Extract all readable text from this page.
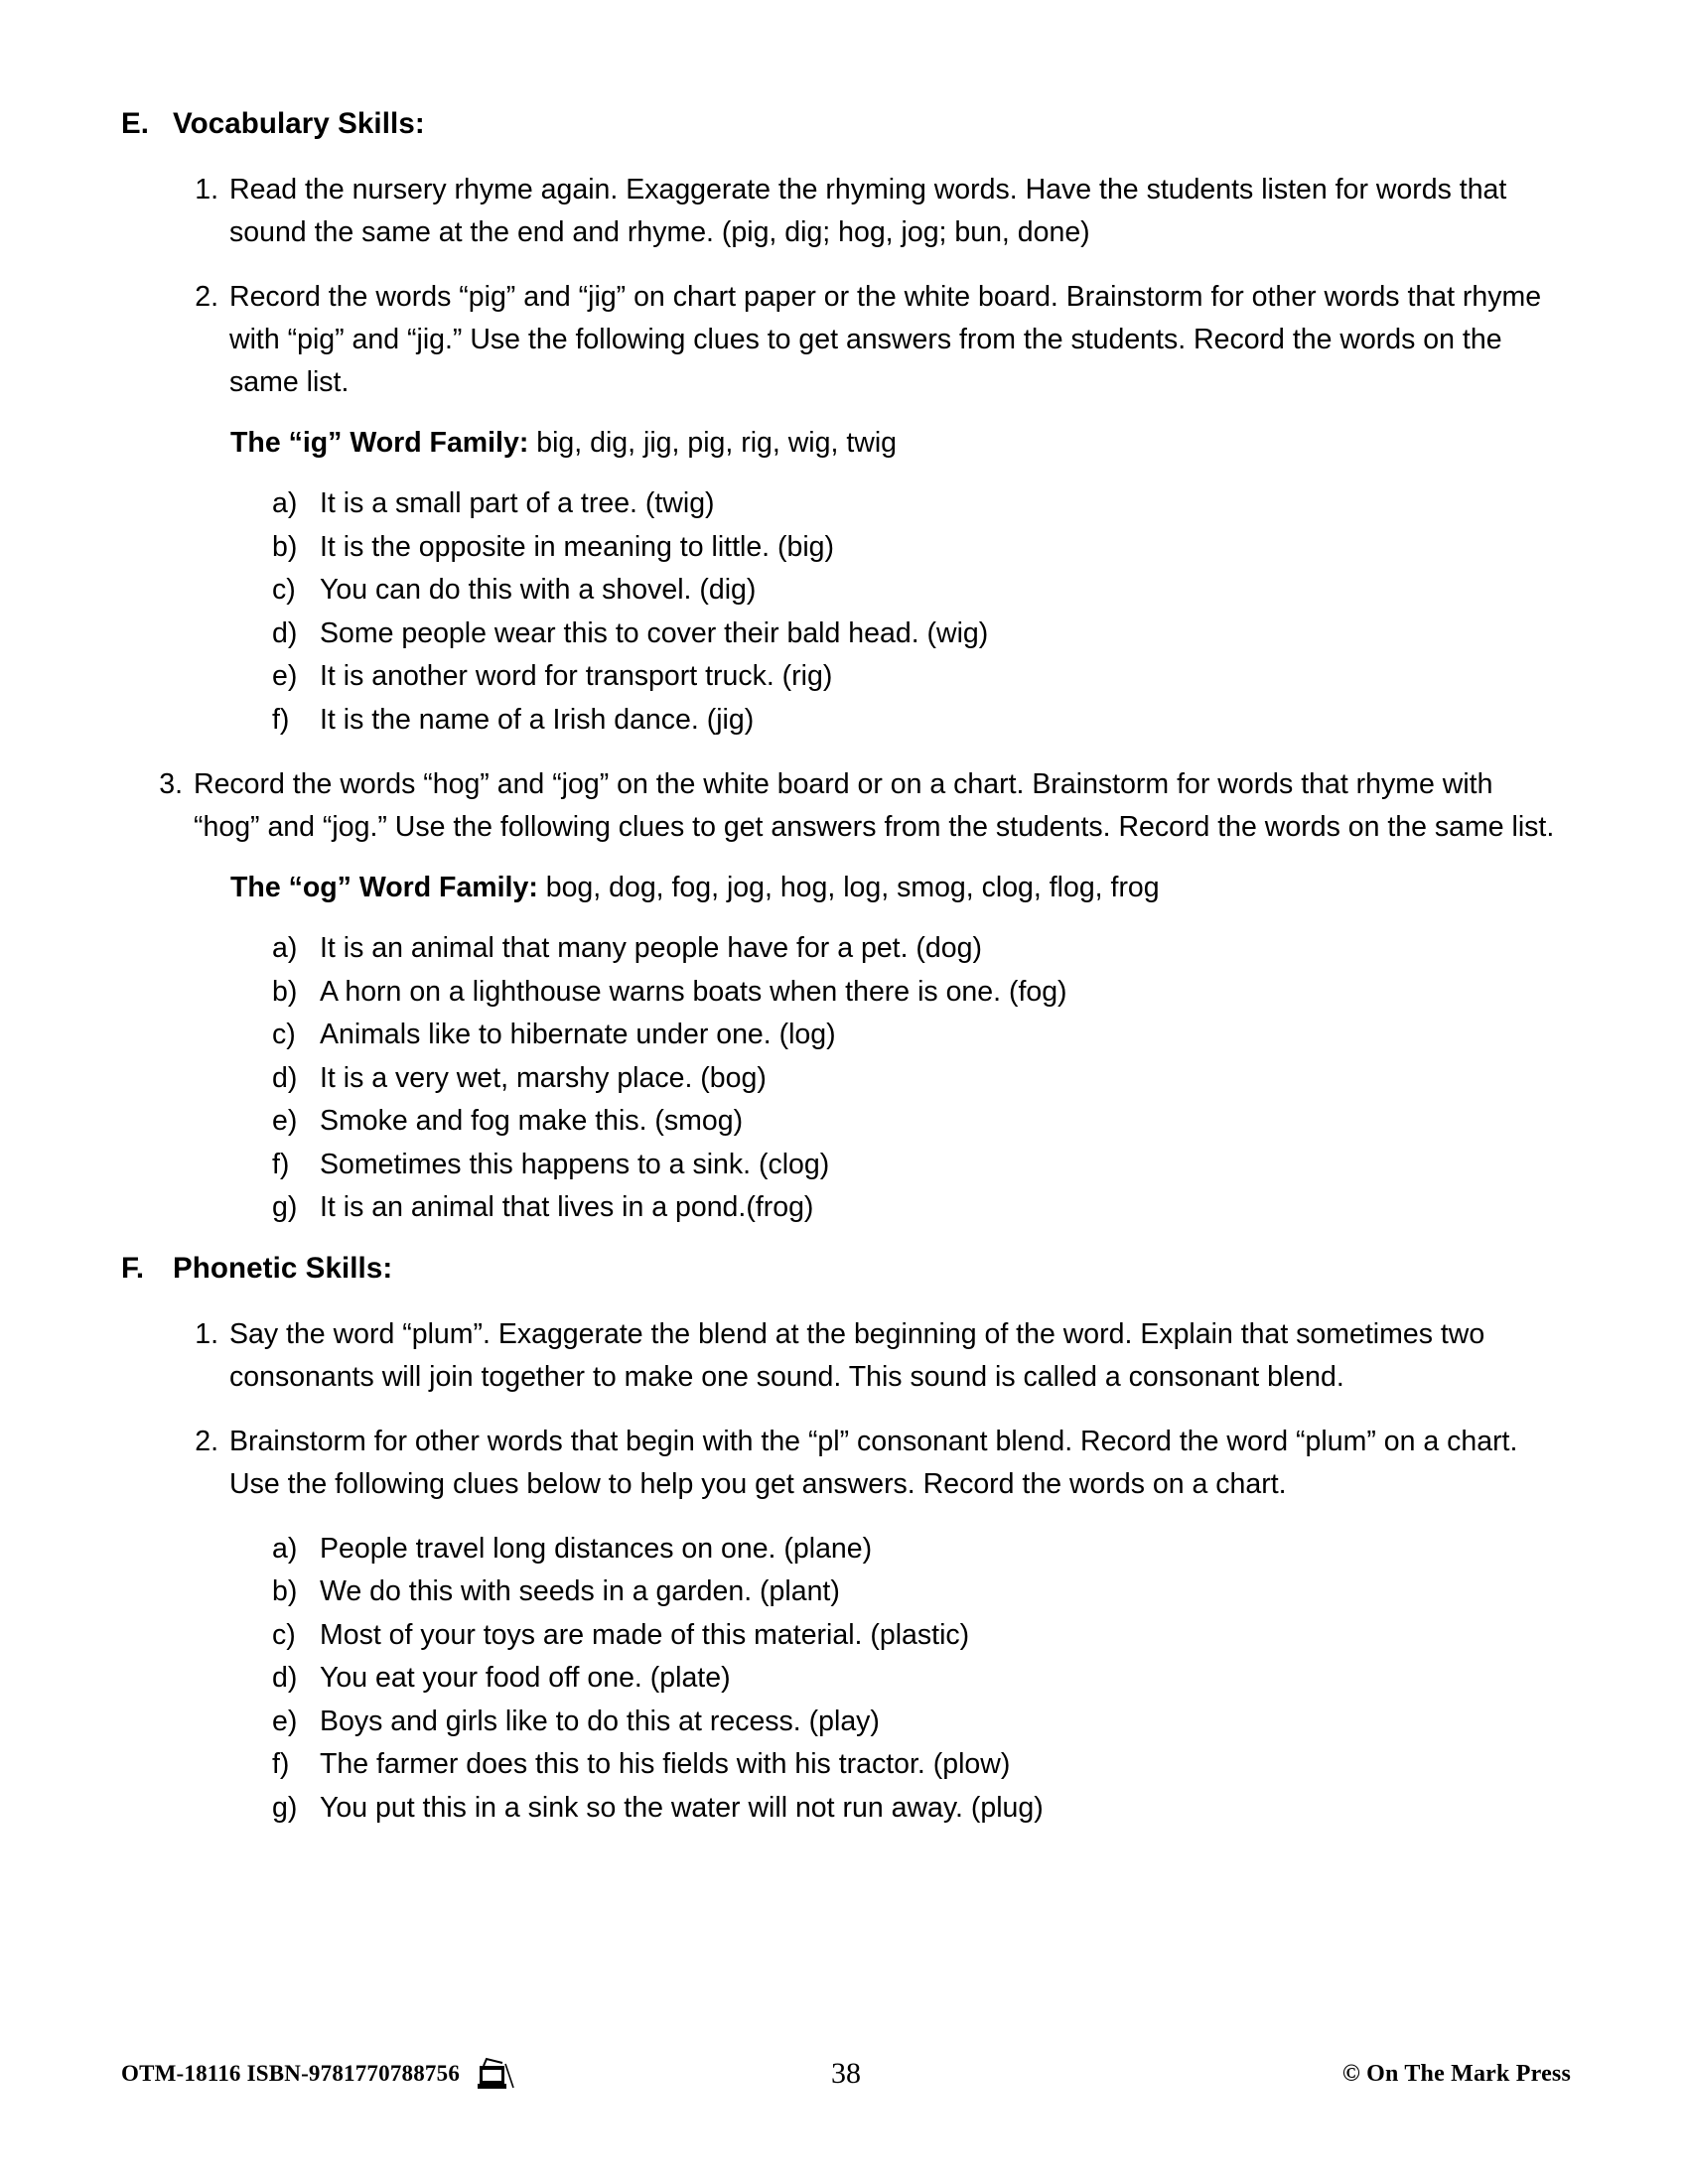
E. Vocabulary Skills:
1. Read the nursery rhyme again. Exaggerate the rhyming words. Have the students listen for words that sound the same at the end and rhyme. (pig, dig; hog, jog; bun, done)
2. Record the words “pig” and “jig” on chart paper or the white board. Brainstorm for other words that rhyme with “pig” and “jig.” Use the following clues to get answers from the students. Record the words on the same list.
The “ig” Word Family: big, dig, jig, pig, rig, wig, twig
a) It is a small part of a tree. (twig)
b) It is the opposite in meaning to little. (big)
c) You can do this with a shovel. (dig)
d) Some people wear this to cover their bald head. (wig)
e) It is another word for transport truck. (rig)
f)	It is the name of a Irish dance. (jig)
3. Record the words “hog” and “jog” on the white board or on a chart. Brainstorm for words that rhyme with “hog” and “jog.” Use the following clues to get answers from the students. Record the words on the same list.
The “og” Word Family: bog, dog, fog, jog, hog, log, smog, clog, flog, frog
a) It is an animal that many people have for a pet. (dog)
b) A horn on a lighthouse warns boats when there is one. (fog)
c) Animals like to hibernate under one. (log)
d) It is a very wet, marshy place. (bog)
e) Smoke and fog make this. (smog)
f)	Sometimes this happens to a sink. (clog)
g) It is an animal that lives in a pond.(frog)
F. Phonetic Skills:
1. Say the word “plum”. Exaggerate the blend at the beginning of the word. Explain that sometimes two consonants will join together to make one sound. This sound is called a consonant blend.
2. Brainstorm for other words that begin with the “pl” consonant blend. Record the word “plum” on a chart. Use the following clues below to help you get answers. Record the words on a chart.
a) People travel long distances on one. (plane)
b) We do this with seeds in a garden. (plant)
c) Most of your toys are made of this material. (plastic)
d) You eat your food off one. (plate)
e) Boys and girls like to do this at recess. (play)
f)	The farmer does this to his fields with his tractor. (plow)
g) You put this in a sink so the water will not run away. (plug)
OTM-18116 ISBN-9781770788756	38	© On The Mark Press
